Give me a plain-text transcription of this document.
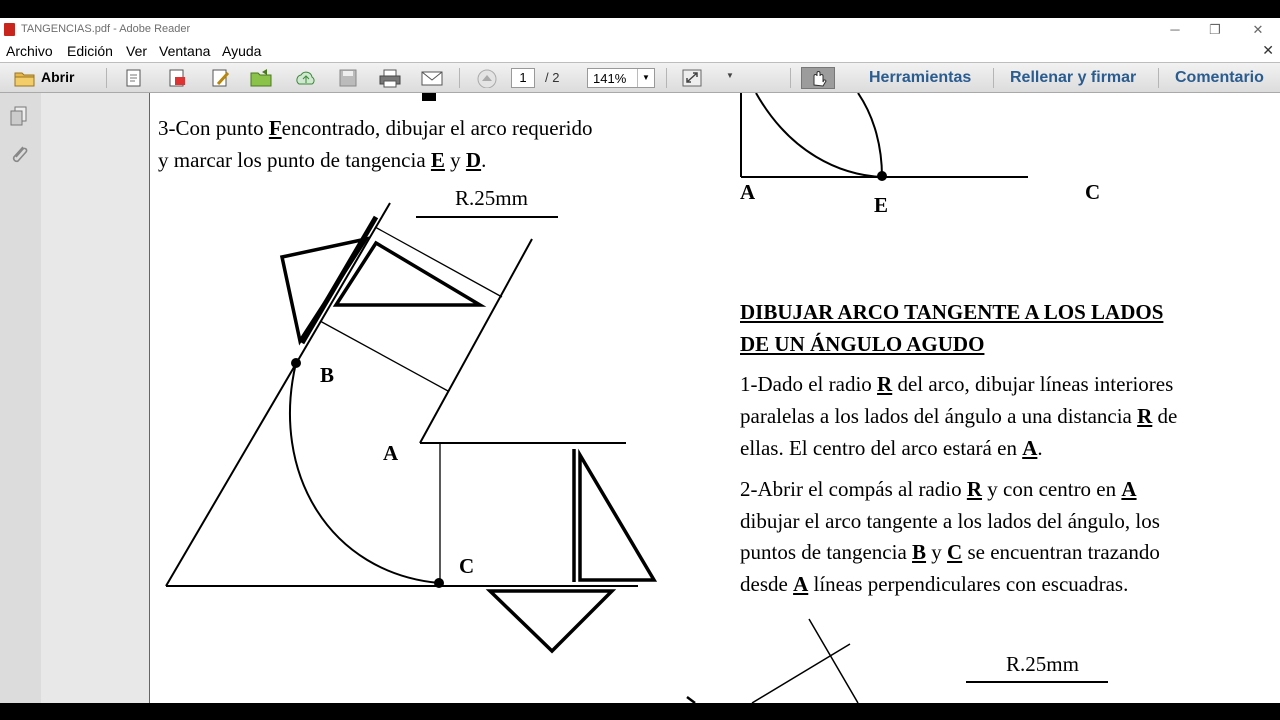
TANGENCIAS.pdf - Adobe Reader	─	❐	✕
Archivo Edición Ver Ventana Ayuda	✕
Abrir	1	/ 2	141%	▼	▼	Herramientas Rellenar y firmar Comentario
3-Con punto Fencontrado, dibujar el arco requerido
y marcar los punto de tangencia E y D.
R.25mm
B
A
C
A
E
C
DIBUJAR ARCO TANGENTE A LOS LADOS
DE UN ÁNGULO AGUDO
1-Dado el radio R del arco, dibujar líneas interiores
paralelas a los lados del ángulo a una distancia R de
ellas. El centro del arco estará en A.
2-Abrir el compás al radio R y con centro en A
dibujar el arco tangente a los lados del ángulo, los
puntos de tangencia B y C se encuentran trazando
desde A líneas perpendiculares con escuadras.
R.25mm
